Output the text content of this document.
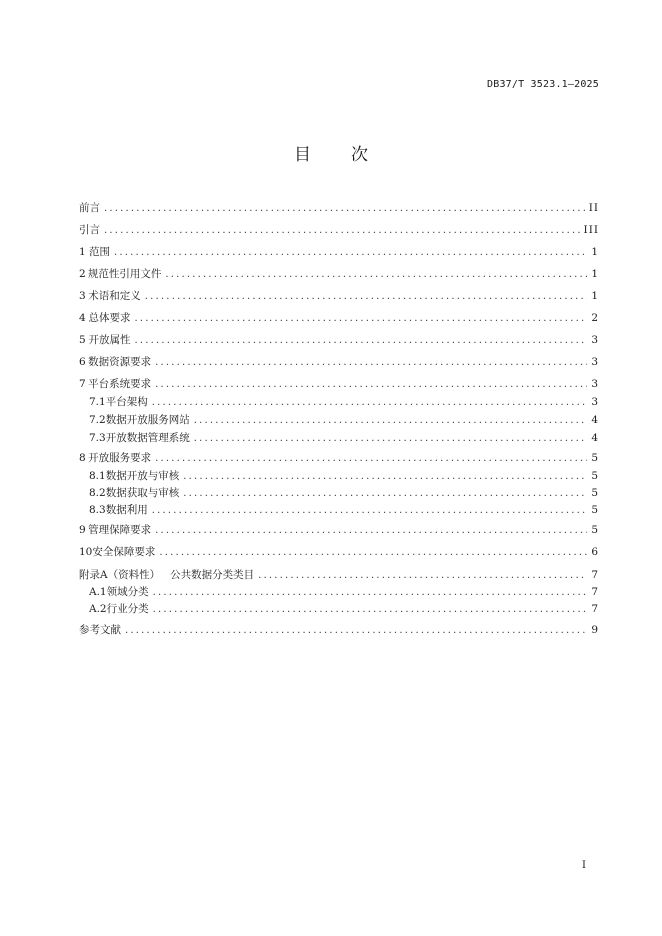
DB37/T 3523.1—2025
目 次
前言 .....	II
引言 .....	III
1 范围 .....	1
2 规范性引用文件 .....	1
3 术语和定义 .....	1
4 总体要求 .....	2
5 开放属性 .....	3
6 数据资源要求 .....	3
7 平台系统要求 .....	3
7.1 平台架构 .....	3
7.2 数据开放服务网站 .....	4
7.3 开放数据管理系统 .....	4
8 开放服务要求 .....	5
8.1 数据开放与审核 .....	5
8.2 数据获取与审核 .....	5
8.3 数据利用 .....	5
9 管理保障要求 .....	5
10 安全保障要求 .....	6
附录A（资料性） 公共数据分类类目 .....	7
A.1 领域分类 .....	7
A.2 行业分类 .....	7
参考文献 .....	9
I
